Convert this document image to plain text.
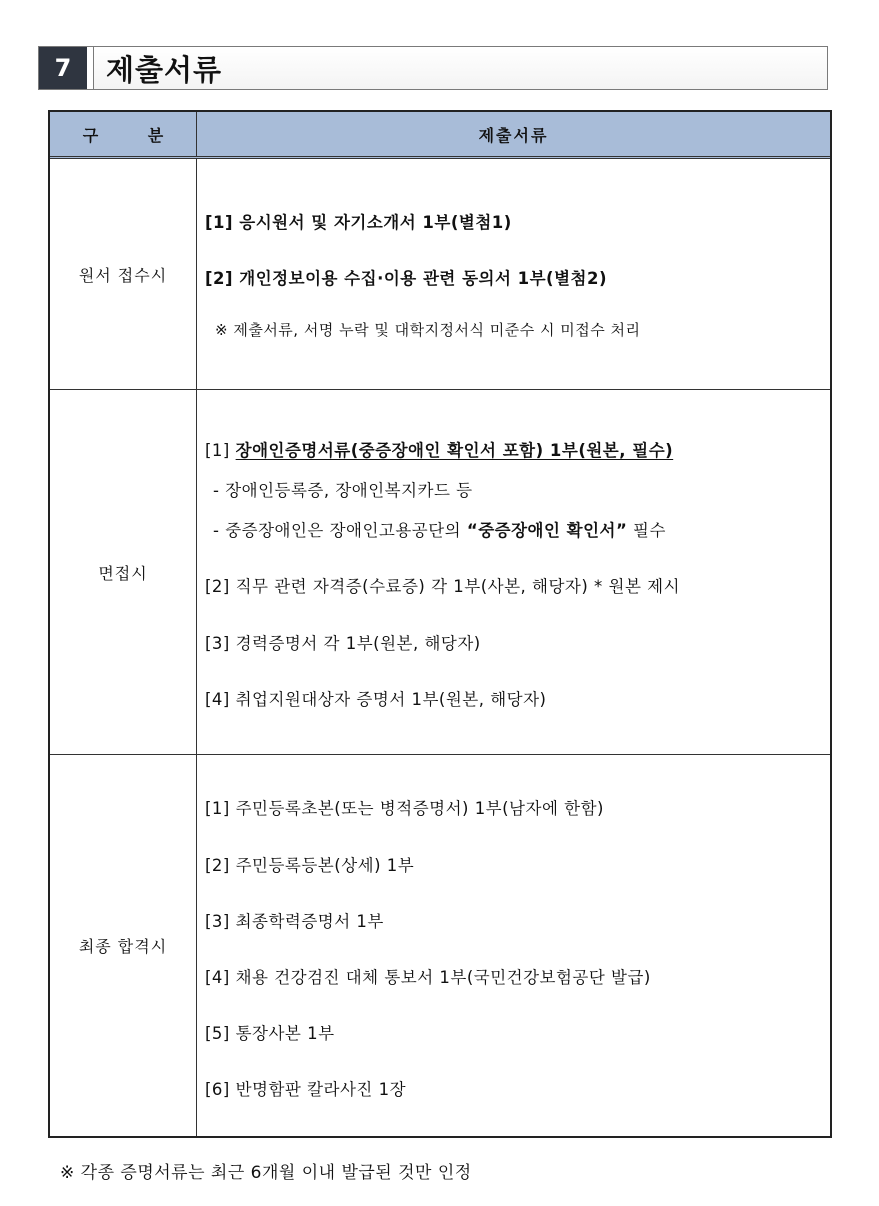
7	제출서류
구 분	제출서류
원서 접수시
[1] 응시원서 및 자기소개서 1부(별첨1)
[2] 개인정보이용 수집·이용 관련 동의서 1부(별첨2)
※ 제출서류, 서명 누락 및 대학지정서식 미준수 시 미접수 처리
면접시
[1] 장애인증명서류(중증장애인 확인서 포함) 1부(원본, 필수)
- 장애인등록증, 장애인복지카드 등
- 중증장애인은 장애인고용공단의 “중증장애인 확인서” 필수
[2] 직무 관련 자격증(수료증) 각 1부(사본, 해당자) * 원본 제시
[3] 경력증명서 각 1부(원본, 해당자)
[4] 취업지원대상자 증명서 1부(원본, 해당자)
최종 합격시
[1] 주민등록초본(또는 병적증명서) 1부(남자에 한함)
[2] 주민등록등본(상세) 1부
[3] 최종학력증명서 1부
[4] 채용 건강검진 대체 통보서 1부(국민건강보험공단 발급)
[5] 통장사본 1부
[6] 반명함판 칼라사진 1장
※ 각종 증명서류는 최근 6개월 이내 발급된 것만 인정
